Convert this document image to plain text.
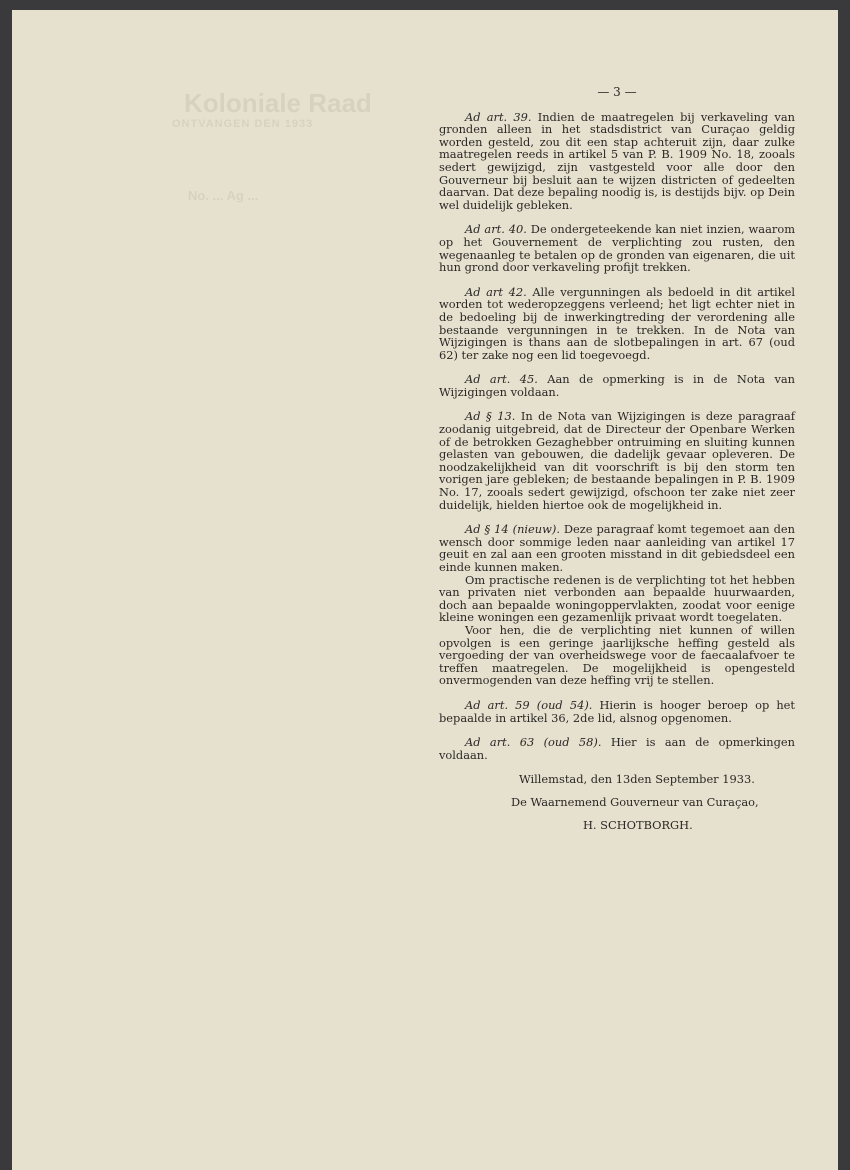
Koloniale Raad
ONTVANGEN DEN 1933
No. ... Ag ...
— 3 —

Ad art. 39. Indien de maatregelen bij verkaveling van gronden alleen in het stadsdistrict van Curaçao geldig worden gesteld, zou dit een stap achteruit zijn, daar zulke maatregelen reeds in artikel 5 van P. B. 1909 No. 18, zooals sedert gewijzigd, zijn vastgesteld voor alle door den Gouverneur bij besluit aan te wijzen districten of gedeelten daarvan. Dat deze bepaling noodig is, is destijds bijv. op Dein wel duidelijk gebleken.

Ad art. 40. De ondergeteekende kan niet inzien, waarom op het Gouvernement de verplichting zou rusten, den wegenaanleg te betalen op de gronden van eigenaren, die uit hun grond door verkaveling profijt trekken.

Ad art 42. Alle vergunningen als bedoeld in dit artikel worden tot wederopzeggens verleend; het ligt echter niet in de bedoeling bij de inwerkingtreding der verordening alle bestaande vergunningen in te trekken. In de Nota van Wijzigingen is thans aan de slotbepalingen in art. 67 (oud 62) ter zake nog een lid toegevoegd.

Ad art. 45. Aan de opmerking is in de Nota van Wijzigingen voldaan.

Ad § 13. In de Nota van Wijzigingen is deze paragraaf zoodanig uitgebreid, dat de Directeur der Openbare Werken of de betrokken Gezaghebber ontruiming en sluiting kunnen gelasten van gebouwen, die dadelijk gevaar opleveren. De noodzakelijkheid van dit voorschrift is bij den storm ten vorigen jare gebleken; de bestaande bepalingen in P. B. 1909 No. 17, zooals sedert gewijzigd, ofschoon ter zake niet zeer duidelijk, hielden hiertoe ook de mogelijkheid in.

Ad § 14 (nieuw). Deze paragraaf komt tegemoet aan den wensch door sommige leden naar aanleiding van artikel 17 geuit en zal aan een grooten misstand in dit gebiedsdeel een einde kunnen maken.

Om practische redenen is de verplichting tot het hebben van privaten niet verbonden aan bepaalde huurwaarden, doch aan bepaalde woningoppervlakten, zoodat voor eenige kleine woningen een gezamenlijk privaat wordt toegelaten.

Voor hen, die de verplichting niet kunnen of willen opvolgen is een geringe jaarlijksche heffing gesteld als vergoeding der van overheidswege voor de faecaalafvoer te treffen maatregelen. De mogelijkheid is opengesteld onvermogenden van deze heffing vrij te stellen.

Ad art. 59 (oud 54). Hierin is hooger beroep op het bepaalde in artikel 36, 2de lid, alsnog opgenomen.

Ad art. 63 (oud 58). Hier is aan de opmerkingen voldaan.

Willemstad, den 13den September 1933.
De Waarnemend Gouverneur van Curaçao,
H. SCHOTBORGH.
